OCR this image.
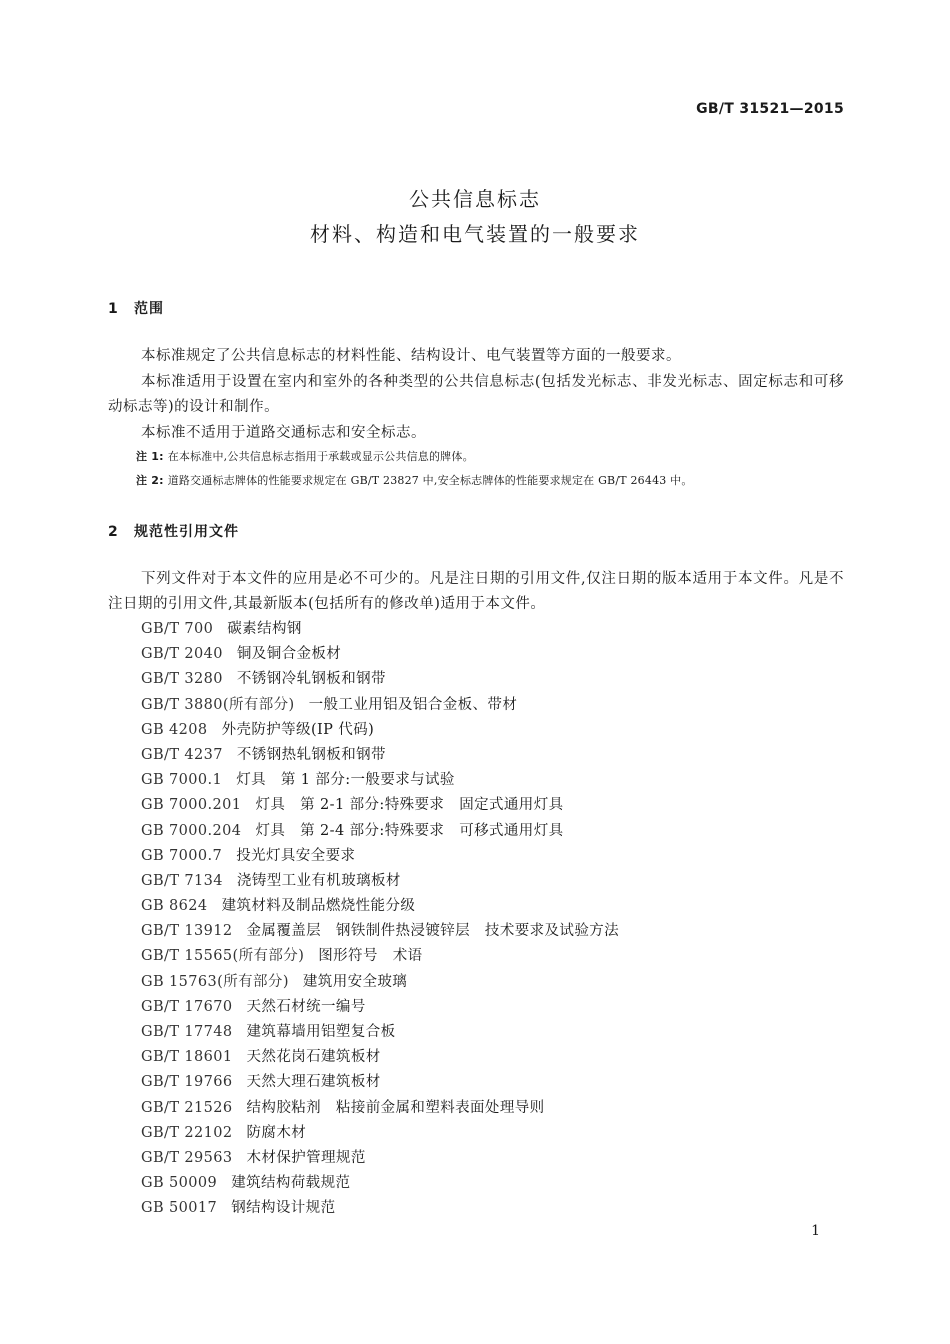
GB/T 31521—2015
公共信息标志
材料、构造和电气装置的一般要求
1 范围
本标准规定了公共信息标志的材料性能、结构设计、电气装置等方面的一般要求。
本标准适用于设置在室内和室外的各种类型的公共信息标志(包括发光标志、非发光标志、固定标志和可移动标志等)的设计和制作。
本标准不适用于道路交通标志和安全标志。
注 1: 在本标准中,公共信息标志指用于承载或显示公共信息的牌体。
注 2: 道路交通标志牌体的性能要求规定在 GB/T 23827 中,安全标志牌体的性能要求规定在 GB/T 26443 中。
2 规范性引用文件
下列文件对于本文件的应用是必不可少的。凡是注日期的引用文件,仅注日期的版本适用于本文件。凡是不注日期的引用文件,其最新版本(包括所有的修改单)适用于本文件。
GB/T 700 碳素结构钢
GB/T 2040 铜及铜合金板材
GB/T 3280 不锈钢冷轧钢板和钢带
GB/T 3880(所有部分) 一般工业用铝及铝合金板、带材
GB 4208 外壳防护等级(IP 代码)
GB/T 4237 不锈钢热轧钢板和钢带
GB 7000.1 灯具　第 1 部分:一般要求与试验
GB 7000.201 灯具　第 2-1 部分:特殊要求　固定式通用灯具
GB 7000.204 灯具　第 2-4 部分:特殊要求　可移式通用灯具
GB 7000.7 投光灯具安全要求
GB/T 7134 浇铸型工业有机玻璃板材
GB 8624 建筑材料及制品燃烧性能分级
GB/T 13912 金属覆盖层　钢铁制件热浸镀锌层　技术要求及试验方法
GB/T 15565(所有部分) 图形符号　术语
GB 15763(所有部分) 建筑用安全玻璃
GB/T 17670 天然石材统一编号
GB/T 17748 建筑幕墙用铝塑复合板
GB/T 18601 天然花岗石建筑板材
GB/T 19766 天然大理石建筑板材
GB/T 21526 结构胶粘剂　粘接前金属和塑料表面处理导则
GB/T 22102 防腐木材
GB/T 29563 木材保护管理规范
GB 50009 建筑结构荷载规范
GB 50017 钢结构设计规范
1
